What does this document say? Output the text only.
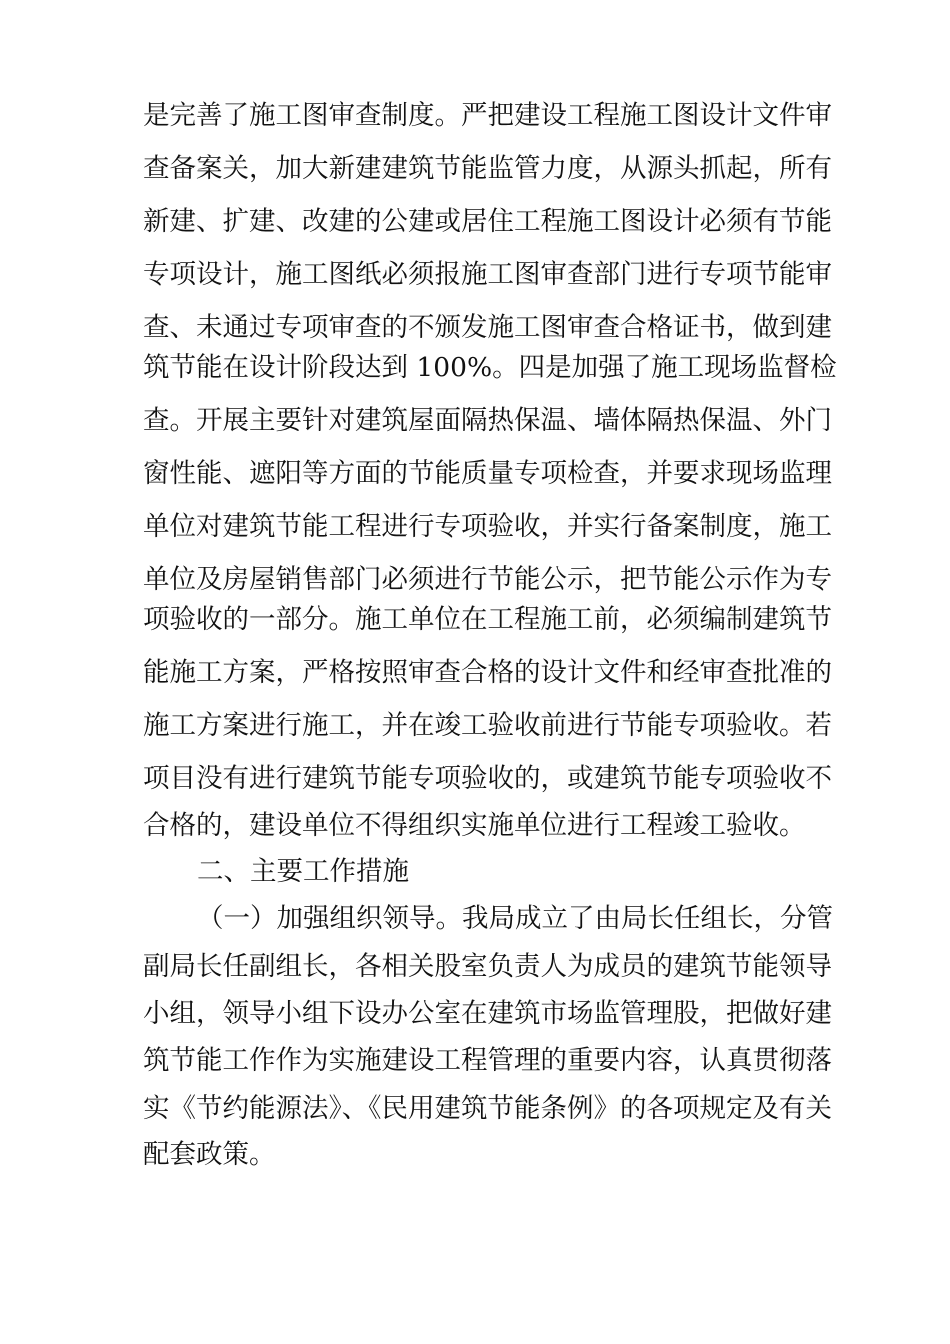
是完善了施工图审查制度。严把建设工程施工图设计文件审
查备案关，加大新建建筑节能监管力度，从源头抓起，所有
新建、扩建、改建的公建或居住工程施工图设计必须有节能
专项设计，施工图纸必须报施工图审查部门进行专项节能审
查、未通过专项审查的不颁发施工图审查合格证书，做到建
筑节能在设计阶段达到 100%。四是加强了施工现场监督检
查。开展主要针对建筑屋面隔热保温、墙体隔热保温、外门
窗性能、遮阳等方面的节能质量专项检查，并要求现场监理
单位对建筑节能工程进行专项验收，并实行备案制度，施工
单位及房屋销售部门必须进行节能公示，把节能公示作为专
项验收的一部分。施工单位在工程施工前，必须编制建筑节
能施工方案，严格按照审查合格的设计文件和经审查批准的
施工方案进行施工，并在竣工验收前进行节能专项验收。若
项目没有进行建筑节能专项验收的，或建筑节能专项验收不
合格的，建设单位不得组织实施单位进行工程竣工验收。
二、主要工作措施
（一）加强组织领导。我局成立了由局长任组长，分管
副局长任副组长，各相关股室负责人为成员的建筑节能领导
小组，领导小组下设办公室在建筑市场监管理股，把做好建
筑节能工作作为实施建设工程管理的重要内容，认真贯彻落
实《节约能源法》、《民用建筑节能条例》的各项规定及有关
配套政策。
